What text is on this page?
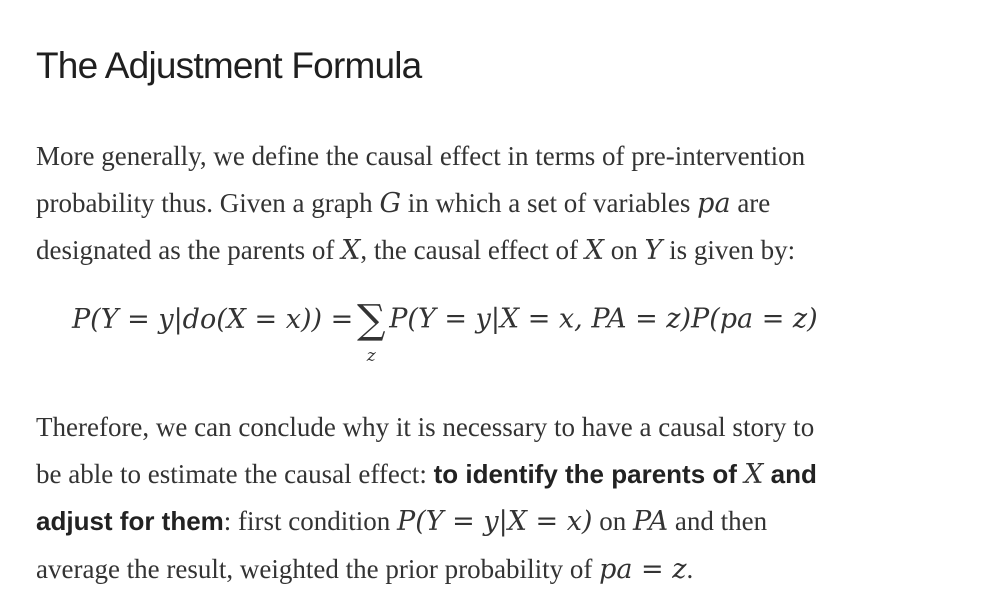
The Adjustment Formula
More generally, we define the causal effect in terms of pre-intervention
probability thus. Given a graph G in which a set of variables pa are
designated as the parents of X, the causal effect of X on Y is given by:
P(Y = y|do(X = x)) = ∑
z
P(Y = y|X = x, PA = z)P(pa = z)
Therefore, we can conclude why it is necessary to have a causal story to
be able to estimate the causal effect: to identify the parents of X and
adjust for them: first condition P(Y = y|X = x) on PA and then
average the result, weighted the prior probability of pa = z.
